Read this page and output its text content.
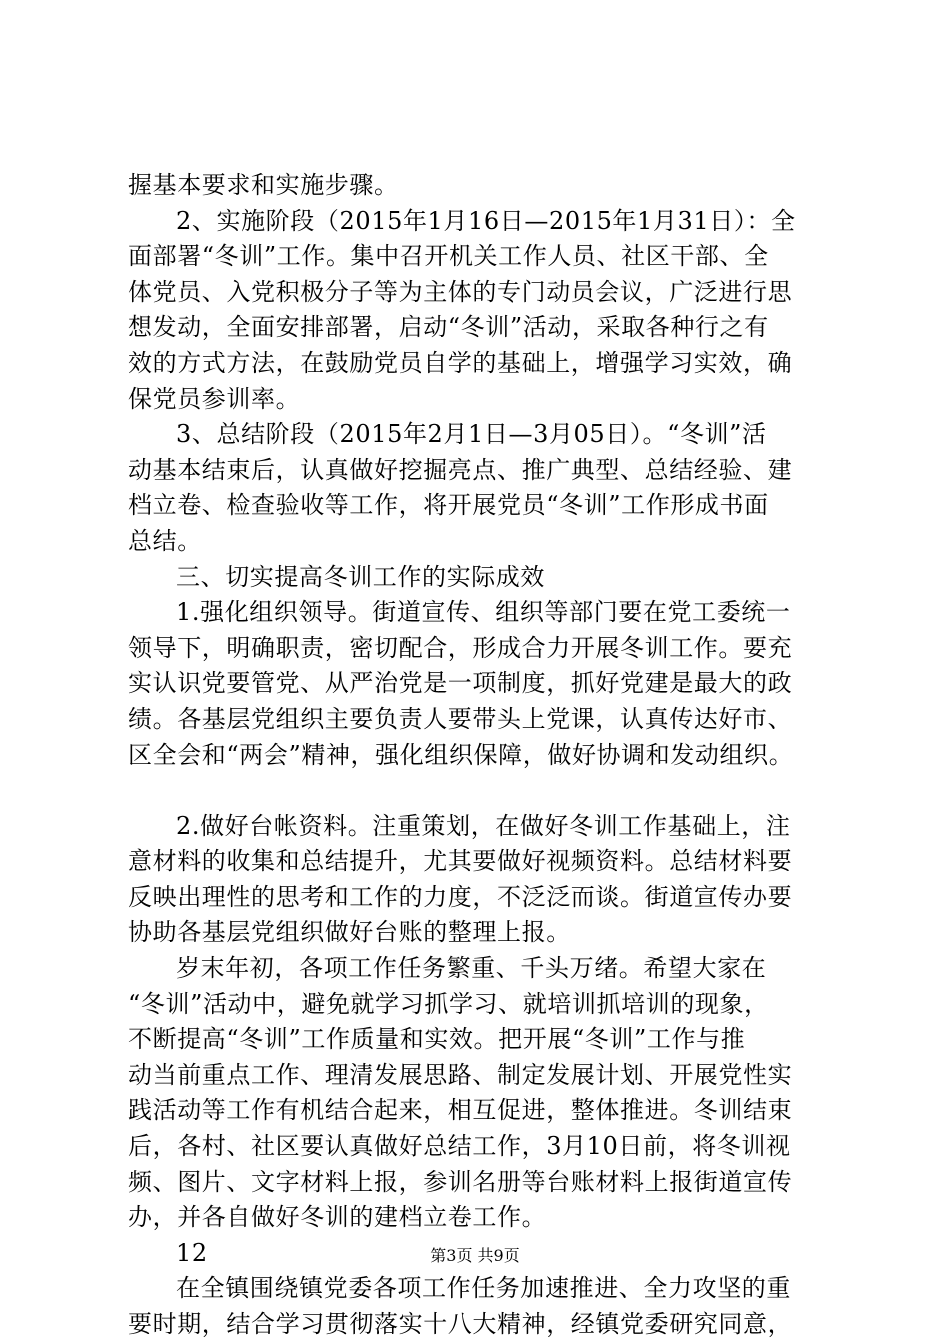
握基本要求和实施步骤。
2、实施阶段（2015年1月16日—2015年1月31日）：全
面部署“冬训”工作。集中召开机关工作人员、社区干部、全
体党员、入党积极分子等为主体的专门动员会议，广泛进行思
想发动，全面安排部署，启动“冬训”活动，采取各种行之有
效的方式方法，在鼓励党员自学的基础上，增强学习实效，确
保党员参训率。
3、总结阶段（2015年2月1日—3月05日）。“冬训”活
动基本结束后，认真做好挖掘亮点、推广典型、总结经验、建
档立卷、检查验收等工作，将开展党员“冬训”工作形成书面
总结。
三、切实提高冬训工作的实际成效
1.强化组织领导。街道宣传、组织等部门要在党工委统一
领导下，明确职责，密切配合，形成合力开展冬训工作。要充
实认识党要管党、从严治党是一项制度，抓好党建是最大的政
绩。各基层党组织主要负责人要带头上党课，认真传达好市、
区全会和“两会”精神，强化组织保障，做好协调和发动组织。
2.做好台帐资料。注重策划，在做好冬训工作基础上，注
意材料的收集和总结提升，尤其要做好视频资料。总结材料要
反映出理性的思考和工作的力度，不泛泛而谈。街道宣传办要
协助各基层党组织做好台账的整理上报。
岁末年初，各项工作任务繁重、千头万绪。希望大家在
“冬训”活动中，避免就学习抓学习、就培训抓培训的现象，
不断提高“冬训”工作质量和实效。把开展“冬训”工作与推
动当前重点工作、理清发展思路、制定发展计划、开展党性实
践活动等工作有机结合起来，相互促进，整体推进。冬训结束
后，各村、社区要认真做好总结工作，3月10日前，将冬训视
频、图片、文字材料上报，参训名册等台账材料上报街道宣传
办，并各自做好冬训的建档立卷工作。
12
在全镇围绕镇党委各项工作任务加速推进、全力攻坚的重
要时期，结合学习贯彻落实十八大精神，经镇党委研究同意，
第3页 共9页
